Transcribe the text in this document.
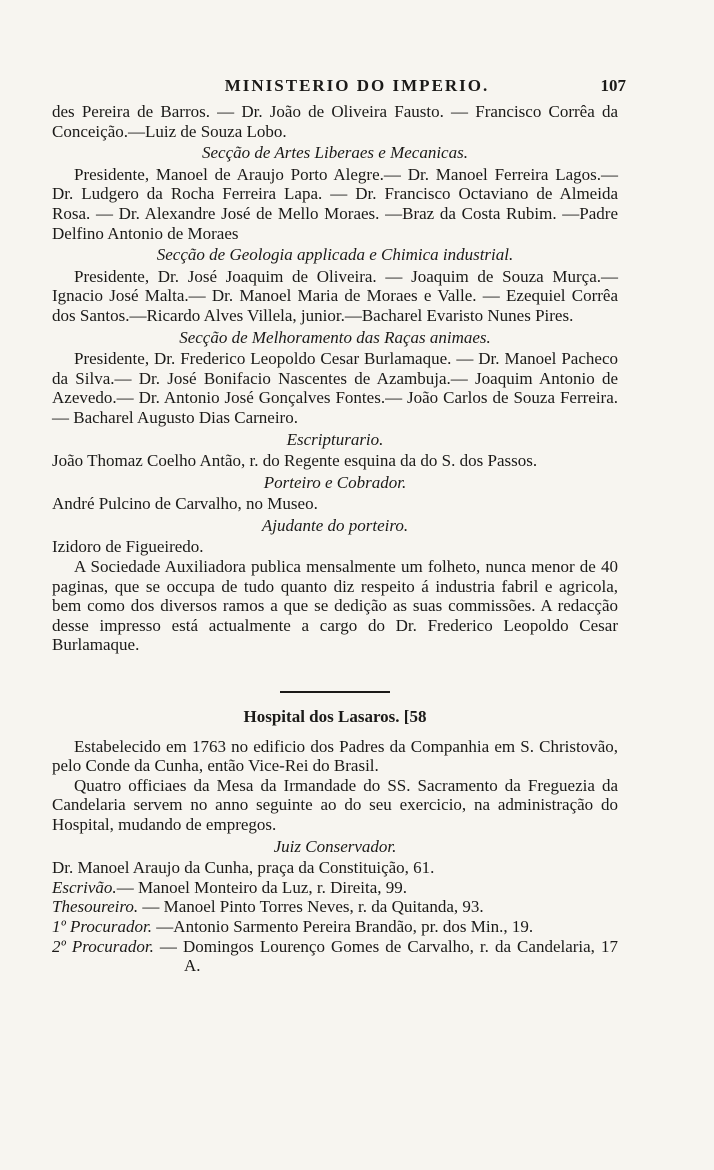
MINISTERIO DO IMPERIO.	107

des Pereira de Barros. — Dr. João de Oliveira Fausto. — Francisco Corrêa da Conceição.—Luiz de Souza Lobo.

Secção de Artes Liberaes e Mecanicas.

Presidente, Manoel de Araujo Porto Alegre.— Dr. Manoel Ferreira Lagos.— Dr. Ludgero da Rocha Ferreira Lapa. — Dr. Francisco Octaviano de Almeida Rosa. — Dr. Alexandre José de Mello Moraes. —Braz da Costa Rubim. —Padre Delfino Antonio de Moraes

Secção de Geologia applicada e Chimica industrial.

Presidente, Dr. José Joaquim de Oliveira. — Joaquim de Souza Murça.— Ignacio José Malta.— Dr. Manoel Maria de Moraes e Valle. — Ezequiel Corrêa dos Santos.—Ricardo Alves Villela, junior.—Bacharel Evaristo Nunes Pires.

Secção de Melhoramento das Raças animaes.

Presidente, Dr. Frederico Leopoldo Cesar Burlamaque. — Dr. Manoel Pacheco da Silva.— Dr. José Bonifacio Nascentes de Azambuja.— Joaquim Antonio de Azevedo.— Dr. Antonio José Gonçalves Fontes.— João Carlos de Souza Ferreira. — Bacharel Augusto Dias Carneiro.

Escripturario.

João Thomaz Coelho Antão, r. do Regente esquina da do S. dos Passos.

Porteiro e Cobrador.

André Pulcino de Carvalho, no Museo.

Ajudante do porteiro.

Izidoro de Figueiredo.

A Sociedade Auxiliadora publica mensalmente um folheto, nunca menor de 40 paginas, que se occupa de tudo quanto diz respeito á industria fabril e agricola, bem como dos diversos ramos a que se dedição as suas commissões. A redacção desse impresso está actualmente a cargo do Dr. Frederico Leopoldo Cesar Burlamaque.

Hospital dos Lasaros. [58

Estabelecido em 1763 no edificio dos Padres da Companhia em S. Christovão, pelo Conde da Cunha, então Vice-Rei do Brasil.

Quatro officiaes da Mesa da Irmandade do SS. Sacramento da Freguezia da Candelaria servem no anno seguinte ao do seu exercicio, na administração do Hospital, mudando de empregos.

Juiz Conservador.

Dr. Manoel Araujo da Cunha, praça da Constituição, 61.

Escrivão.— Manoel Monteiro da Luz, r. Direita, 99.

Thesoureiro. — Manoel Pinto Torres Neves, r. da Quitanda, 93.

1º Procurador. —Antonio Sarmento Pereira Brandão, pr. dos Min., 19.

2º Procurador. — Domingos Lourenço Gomes de Carvalho, r. da Candelaria, 17 A.
